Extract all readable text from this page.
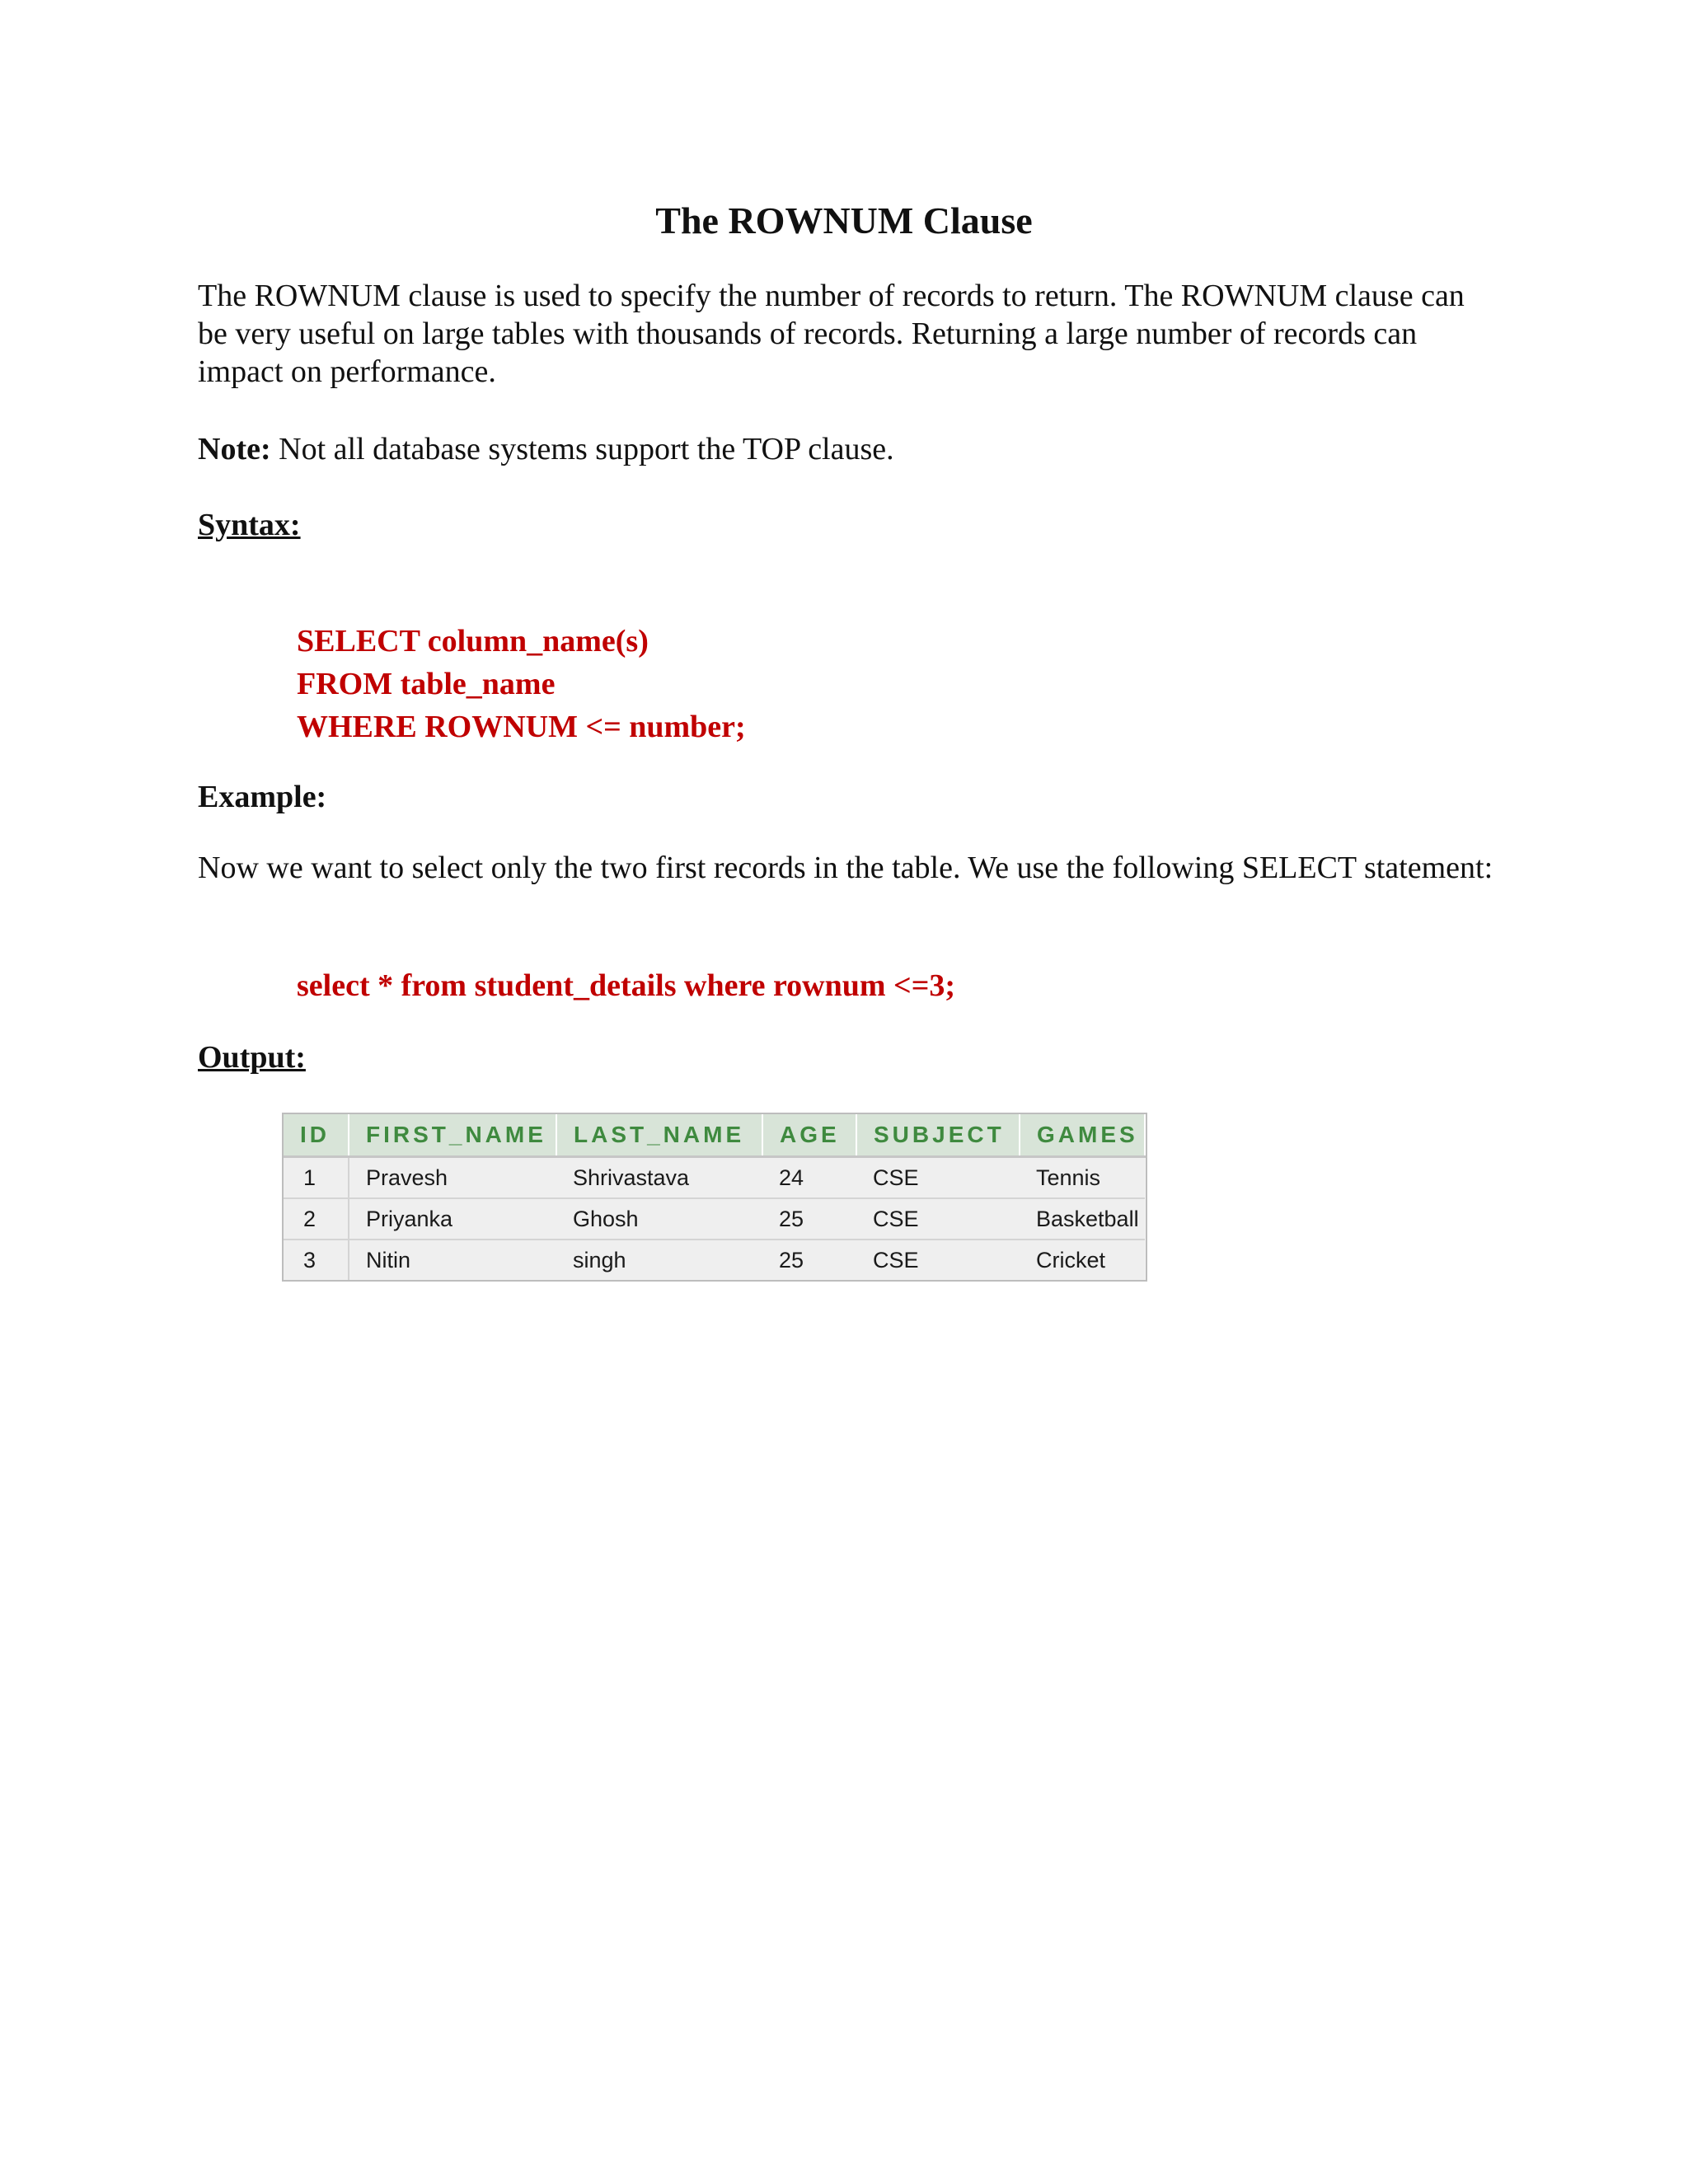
The ROWNUM Clause

The ROWNUM clause is used to specify the number of records to return. The ROWNUM clause can be very useful on large tables with thousands of records. Returning a large number of records can impact on performance.

Note: Not all database systems support the TOP clause.

Syntax:

SELECT column_name(s)
FROM table_name
WHERE ROWNUM <= number;

Example:

Now we want to select only the two first records in the table. We use the following SELECT statement:

select * from student_details where rownum <=3;

Output:

ID	FIRST_NAME	LAST_NAME	AGE	SUBJECT	GAMES
1	Pravesh	Shrivastava	24	CSE	Tennis
2	Priyanka	Ghosh	25	CSE	Basketball
3	Nitin	singh	25	CSE	Cricket
